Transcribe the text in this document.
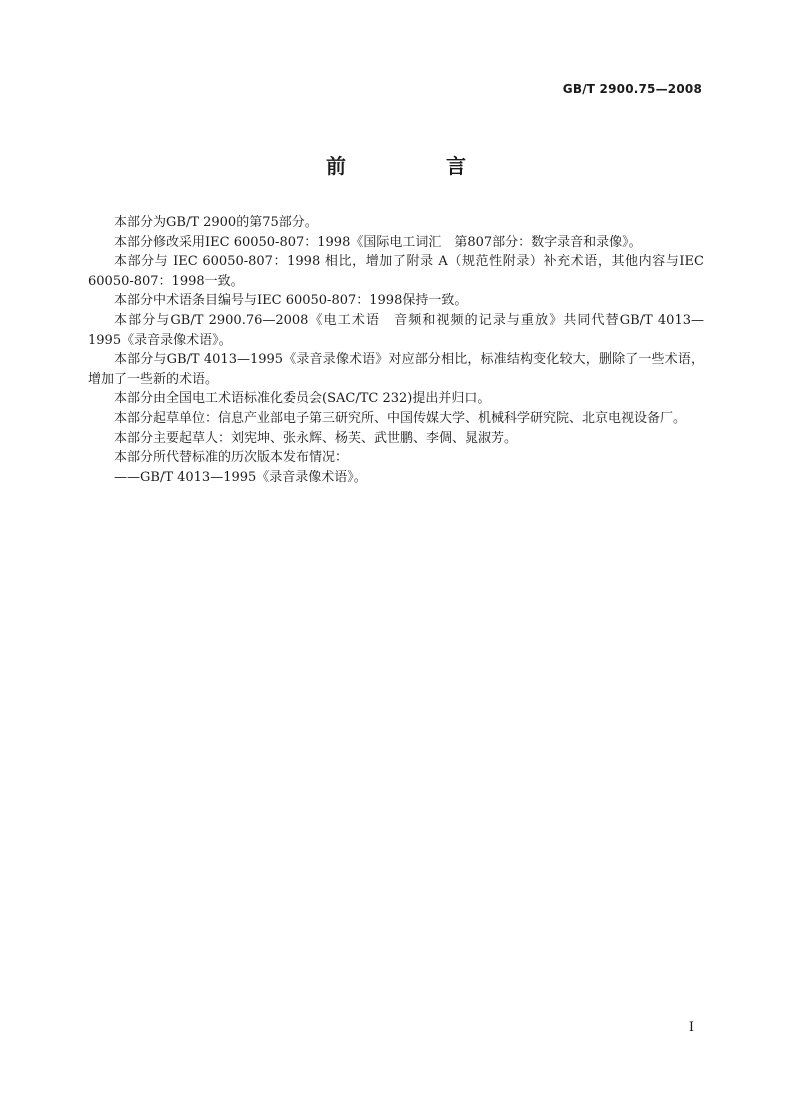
GB/T 2900.75—2008
前　言

本部分为GB/T 2900的第75部分。

本部分修改采用IEC 60050-807：1998《国际电工词汇　第807部分：数字录音和录像》。

本部分与 IEC 60050-807：1998 相比，增加了附录 A（规范性附录）补充术语，其他内容与IEC 60050-807：1998一致。

本部分中术语条目编号与IEC 60050-807：1998保持一致。

本部分与GB/T 2900.76—2008《电工术语　音频和视频的记录与重放》共同代替GB/T 4013—1995《录音录像术语》。

本部分与GB/T 4013—1995《录音录像术语》对应部分相比，标准结构变化较大，删除了一些术语，增加了一些新的术语。

本部分由全国电工术语标准化委员会(SAC/TC 232)提出并归口。

本部分起草单位：信息产业部电子第三研究所、中国传媒大学、机械科学研究院、北京电视设备厂。

本部分主要起草人：刘宪坤、张永辉、杨芙、武世鹏、李倜、晁淑芳。

本部分所代替标准的历次版本发布情况：

——GB/T 4013—1995《录音录像术语》。

I
